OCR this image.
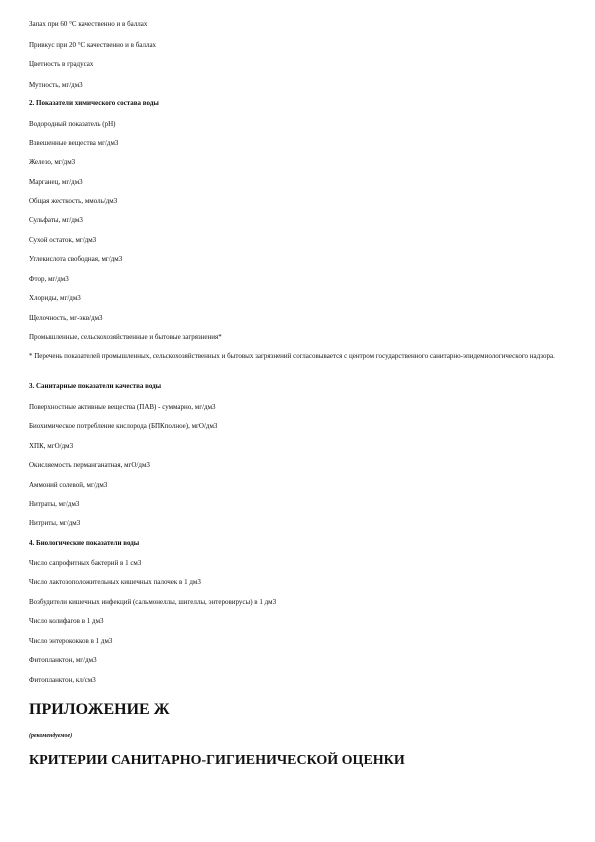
Запах при 60 °С качественно и в баллах
Привкус при 20 °С качественно и в баллах
Цветность в градусах
Мутность, мг/дм3
2. Показатели химического состава воды
Водородный показатель (рН)
Взвешенные вещества мг/дм3
Железо, мг/дм3
Марганец, мг/дм3
Общая жесткость, ммоль/дм3
Сульфаты, мг/дм3
Сухой остаток, мг/дм3
Углекислота свободная, мг/дм3
Фтор, мг/дм3
Хлориды, мг/дм3
Щелочность, мг-экв/дм3
Промышленные, сельскохозяйственные и бытовые загрязнения*
* Перечень показателей промышленных, сельскохозяйственных и бытовых загрязнений согласовывается с центром государственного санитарно-эпидемиологического надзора.
3. Санитарные показатели качества воды
Поверхностные активные вещества (ПАВ) - суммарно, мг/дм3
Биохимическое потребление кислорода (БПКполное), мгО/дм3
ХПК, мгО/дм3
Окисляемость перманганатная, мгО/дм3
Аммоний солевой, мг/дм3
Нитраты, мг/дм3
Нитриты, мг/дм3
4. Биологические показатели воды
Число сапрофитных бактерий в 1 см3
Число лактозоположительных кишечных палочек в 1 дм3
Возбудители кишечных инфекций (сальмонеллы, шигеллы, энтеровирусы) в 1 дм3
Число колифагов в 1 дм3
Число энтерококков в 1 дм3
Фитопланктон, мг/дм3
Фитопланктон, кл/см3
ПРИЛОЖЕНИЕ Ж
(рекомендуемое)
КРИТЕРИИ САНИТАРНО-ГИГИЕНИЧЕСКОЙ ОЦЕНКИ
